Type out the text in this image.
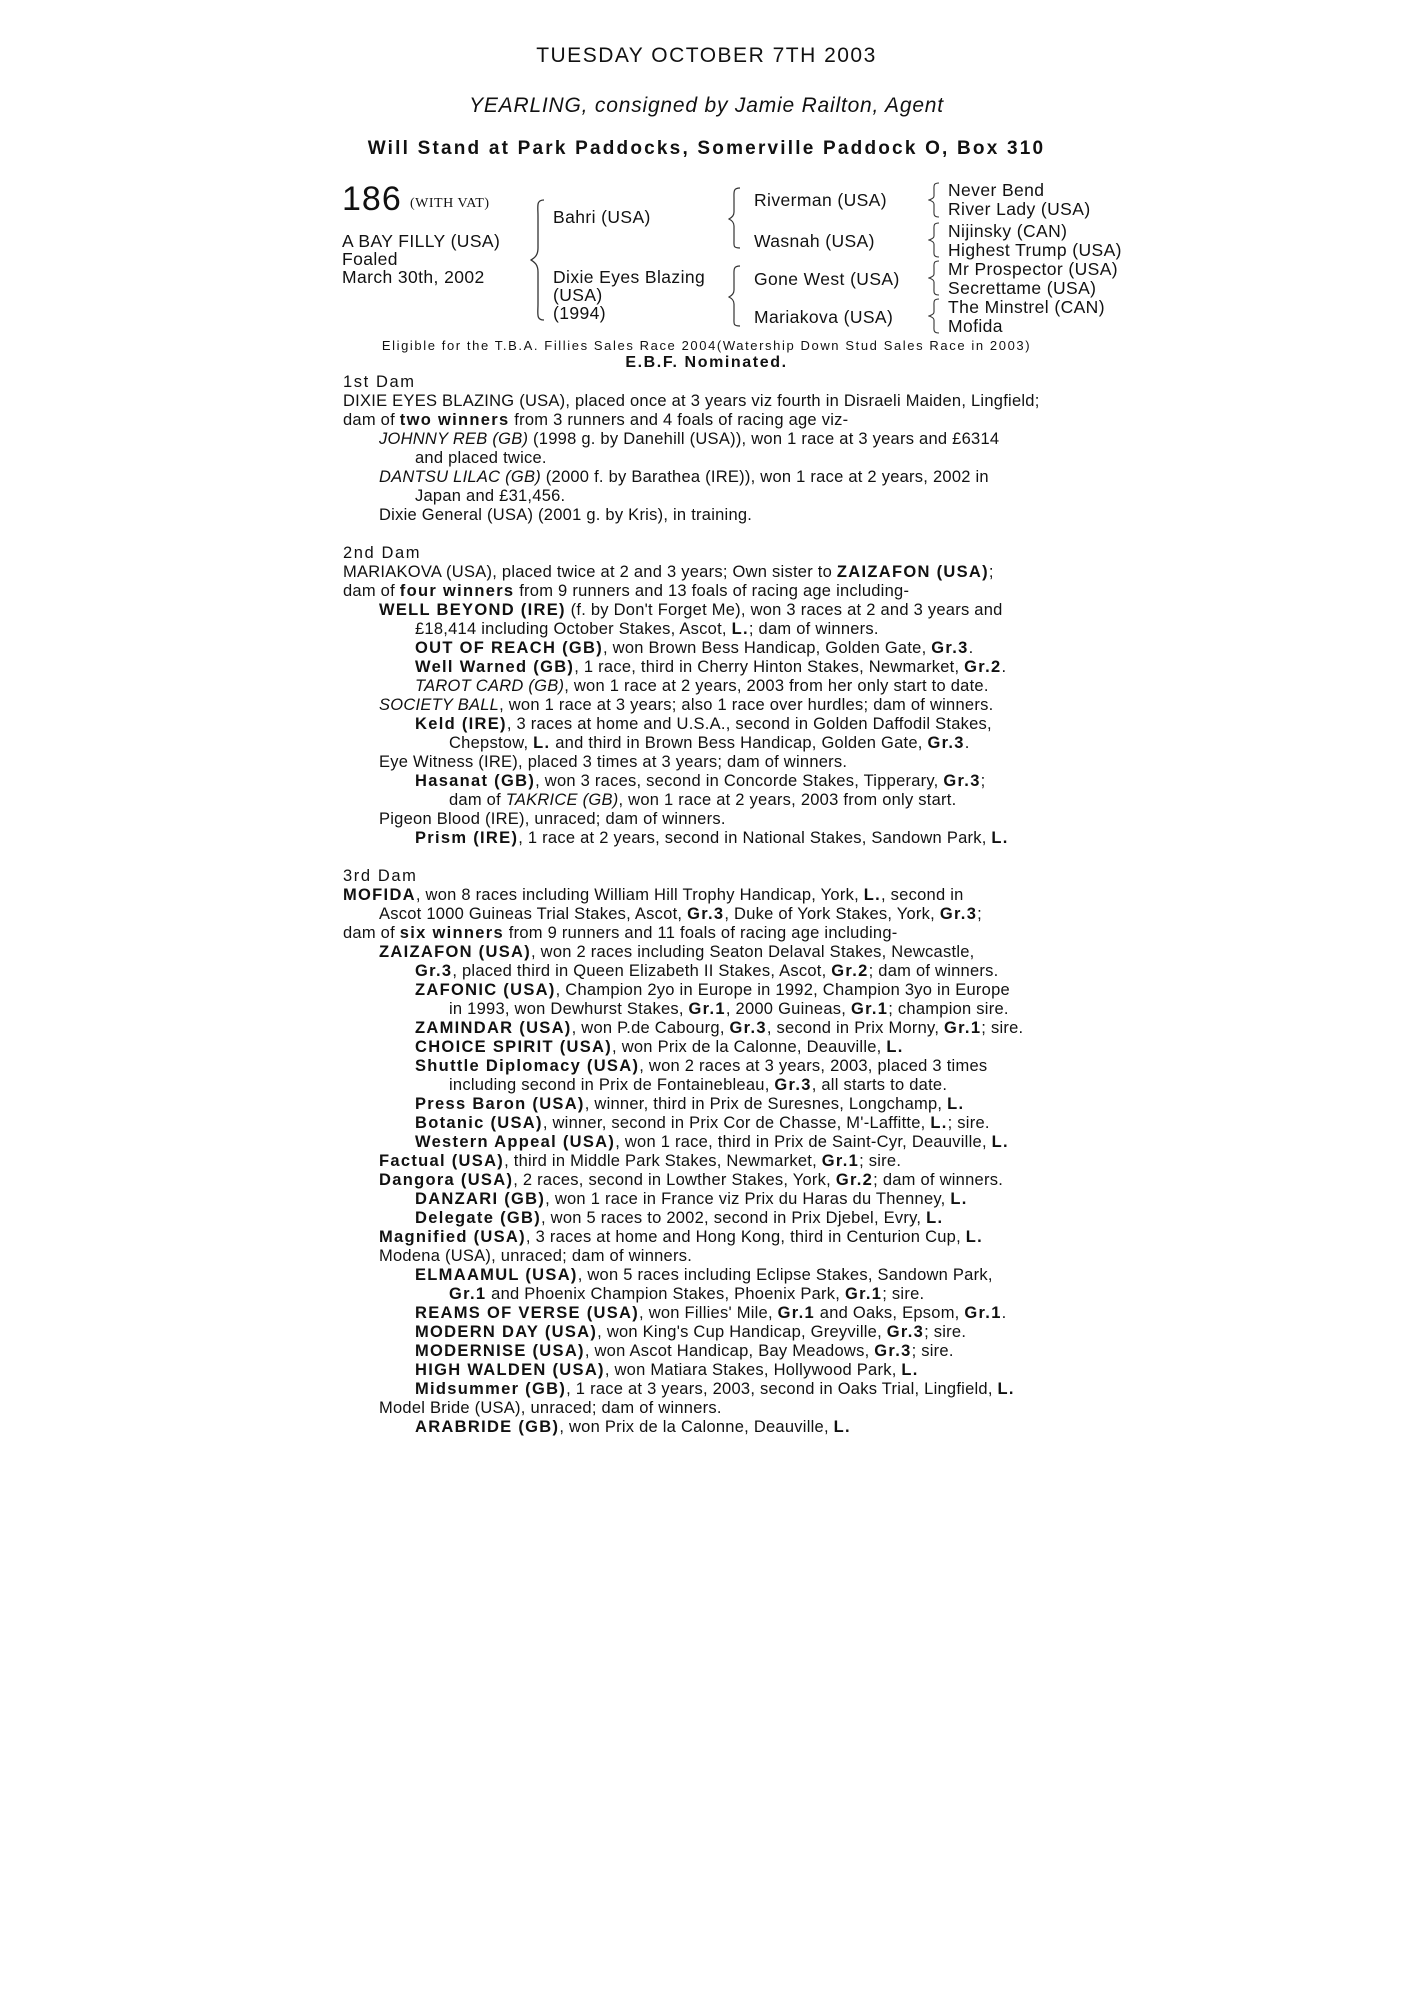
TUESDAY OCTOBER 7TH 2003
YEARLING, consigned by Jamie Railton, Agent
Will Stand at Park Paddocks, Somerville Paddock O, Box 310
186 (WITH VAT)
A BAY FILLY (USA)
Foaled
March 30th, 2002
Bahri (USA)
Dixie Eyes Blazing
(USA)
(1994)
Riverman (USA)
Wasnah (USA)
Gone West (USA)
Mariakova (USA)
Never Bend
River Lady (USA)
Nijinsky (CAN)
Highest Trump (USA)
Mr Prospector (USA)
Secrettame (USA)
The Minstrel (CAN)
Mofida
Eligible for the T.B.A. Fillies Sales Race 2004(Watership Down Stud Sales Race in 2003)
E.B.F. Nominated.
1st Dam
DIXIE EYES BLAZING (USA), placed once at 3 years viz fourth in Disraeli Maiden, Lingfield;
dam of two winners from 3 runners and 4 foals of racing age viz-
JOHNNY REB (GB) (1998 g. by Danehill (USA)), won 1 race at 3 years and £6314
and placed twice.
DANTSU LILAC (GB) (2000 f. by Barathea (IRE)), won 1 race at 2 years, 2002 in
Japan and £31,456.
Dixie General (USA) (2001 g. by Kris), in training.
2nd Dam
MARIAKOVA (USA), placed twice at 2 and 3 years; Own sister to ZAIZAFON (USA);
dam of four winners from 9 runners and 13 foals of racing age including-
WELL BEYOND (IRE) (f. by Don't Forget Me), won 3 races at 2 and 3 years and
£18,414 including October Stakes, Ascot, L.; dam of winners.
OUT OF REACH (GB), won Brown Bess Handicap, Golden Gate, Gr.3.
Well Warned (GB), 1 race, third in Cherry Hinton Stakes, Newmarket, Gr.2.
TAROT CARD (GB), won 1 race at 2 years, 2003 from her only start to date.
SOCIETY BALL, won 1 race at 3 years; also 1 race over hurdles; dam of winners.
Keld (IRE), 3 races at home and U.S.A., second in Golden Daffodil Stakes,
Chepstow, L. and third in Brown Bess Handicap, Golden Gate, Gr.3.
Eye Witness (IRE), placed 3 times at 3 years; dam of winners.
Hasanat (GB), won 3 races, second in Concorde Stakes, Tipperary, Gr.3;
dam of TAKRICE (GB), won 1 race at 2 years, 2003 from only start.
Pigeon Blood (IRE), unraced; dam of winners.
Prism (IRE), 1 race at 2 years, second in National Stakes, Sandown Park, L.
3rd Dam
MOFIDA, won 8 races including William Hill Trophy Handicap, York, L., second in
Ascot 1000 Guineas Trial Stakes, Ascot, Gr.3, Duke of York Stakes, York, Gr.3;
dam of six winners from 9 runners and 11 foals of racing age including-
ZAIZAFON (USA), won 2 races including Seaton Delaval Stakes, Newcastle,
Gr.3, placed third in Queen Elizabeth II Stakes, Ascot, Gr.2; dam of winners.
ZAFONIC (USA), Champion 2yo in Europe in 1992, Champion 3yo in Europe
in 1993, won Dewhurst Stakes, Gr.1, 2000 Guineas, Gr.1; champion sire.
ZAMINDAR (USA), won P.de Cabourg, Gr.3, second in Prix Morny, Gr.1; sire.
CHOICE SPIRIT (USA), won Prix de la Calonne, Deauville, L.
Shuttle Diplomacy (USA), won 2 races at 3 years, 2003, placed 3 times
including second in Prix de Fontainebleau, Gr.3, all starts to date.
Press Baron (USA), winner, third in Prix de Suresnes, Longchamp, L.
Botanic (USA), winner, second in Prix Cor de Chasse, M'-Laffitte, L.; sire.
Western Appeal (USA), won 1 race, third in Prix de Saint-Cyr, Deauville, L.
Factual (USA), third in Middle Park Stakes, Newmarket, Gr.1; sire.
Dangora (USA), 2 races, second in Lowther Stakes, York, Gr.2; dam of winners.
DANZARI (GB), won 1 race in France viz Prix du Haras du Thenney, L.
Delegate (GB), won 5 races to 2002, second in Prix Djebel, Evry, L.
Magnified (USA), 3 races at home and Hong Kong, third in Centurion Cup, L.
Modena (USA), unraced; dam of winners.
ELMAAMUL (USA), won 5 races including Eclipse Stakes, Sandown Park,
Gr.1 and Phoenix Champion Stakes, Phoenix Park, Gr.1; sire.
REAMS OF VERSE (USA), won Fillies' Mile, Gr.1 and Oaks, Epsom, Gr.1.
MODERN DAY (USA), won King's Cup Handicap, Greyville, Gr.3; sire.
MODERNISE (USA), won Ascot Handicap, Bay Meadows, Gr.3; sire.
HIGH WALDEN (USA), won Matiara Stakes, Hollywood Park, L.
Midsummer (GB), 1 race at 3 years, 2003, second in Oaks Trial, Lingfield, L.
Model Bride (USA), unraced; dam of winners.
ARABRIDE (GB), won Prix de la Calonne, Deauville, L.
